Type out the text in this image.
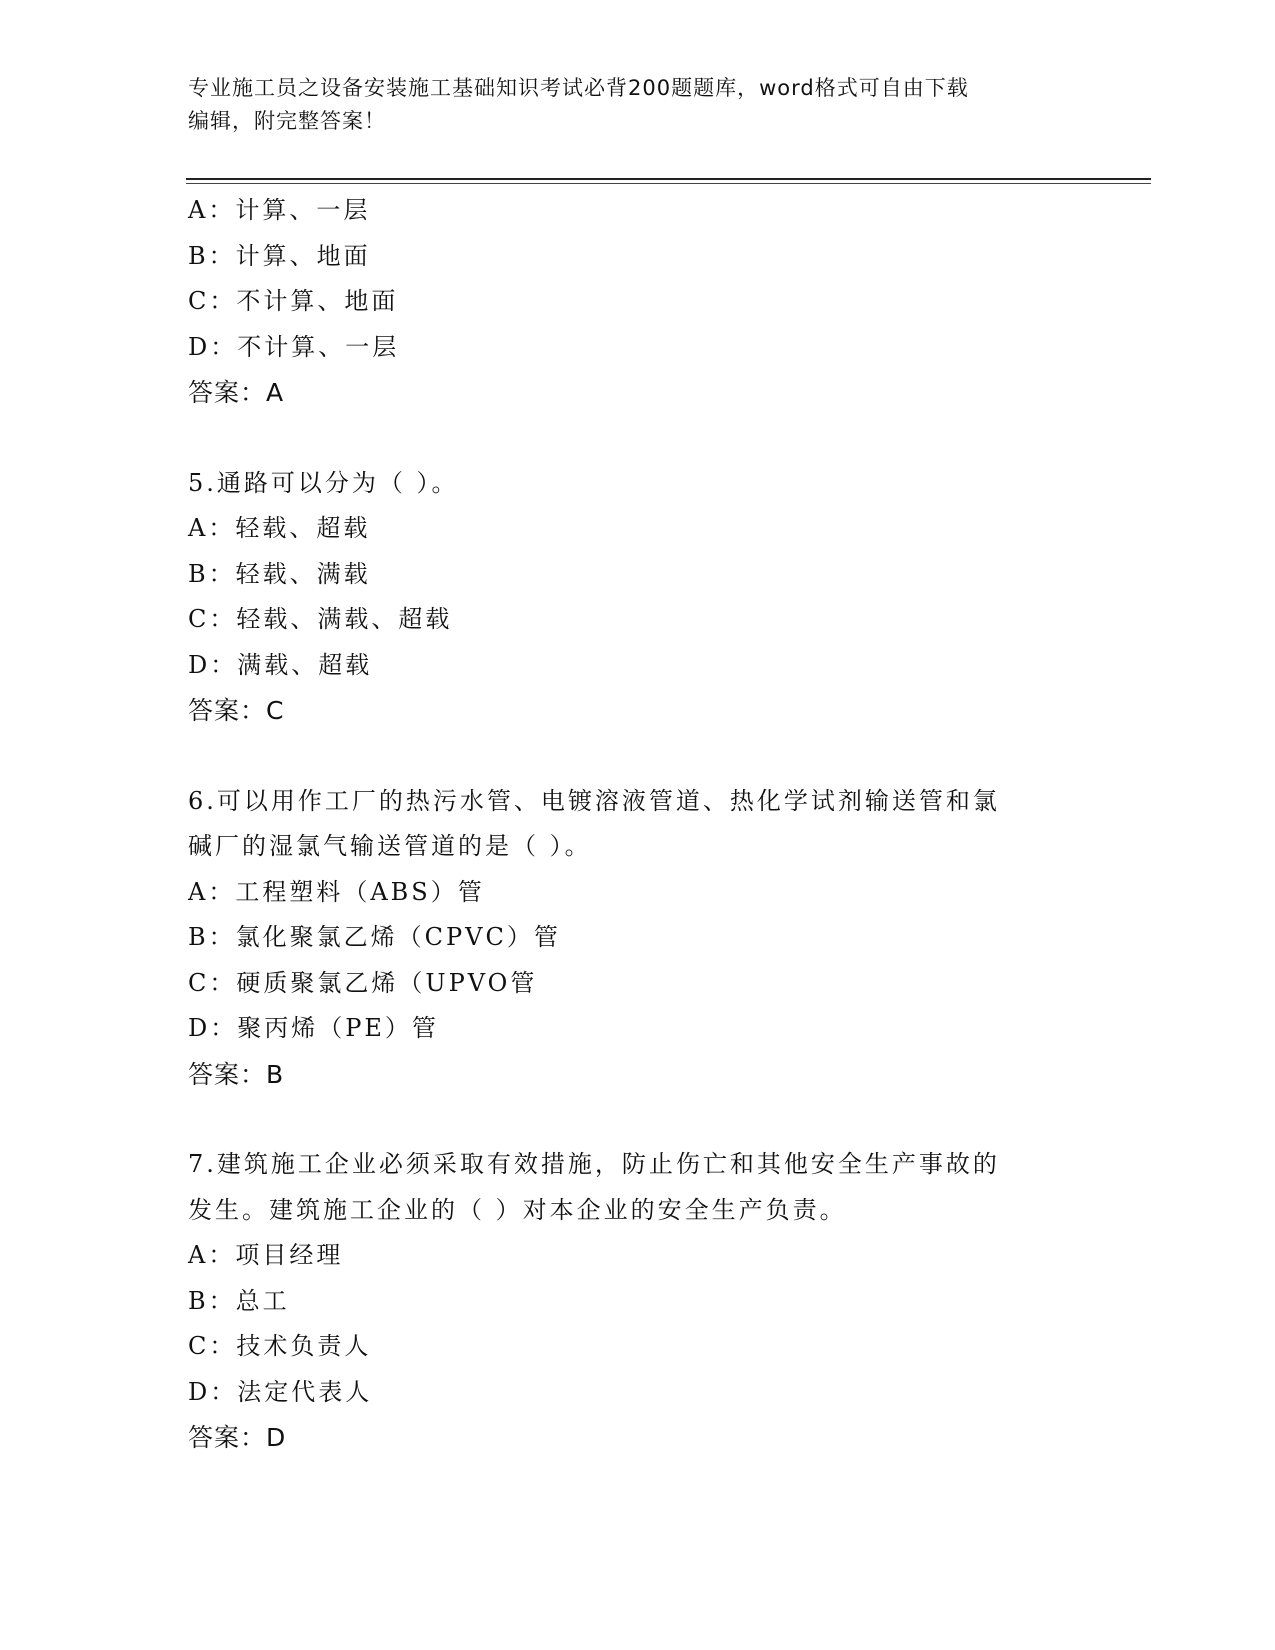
专业施工员之设备安装施工基础知识考试必背200题题库，word格式可自由下载
编辑，附完整答案！
A：计算、一层
B：计算、地面
C：不计算、地面
D：不计算、一层
答案：A
5.通路可以分为（ ）。
A：轻载、超载
B：轻载、满载
C：轻载、满载、超载
D：满载、超载
答案：C
6.可以用作工厂的热污水管、电镀溶液管道、热化学试剂输送管和氯
碱厂的湿氯气输送管道的是（ ）。
A：工程塑料（ABS）管
B：氯化聚氯乙烯（CPVC）管
C：硬质聚氯乙烯（UPVO管
D：聚丙烯（PE）管
答案：B
7.建筑施工企业必须采取有效措施，防止伤亡和其他安全生产事故的
发生。建筑施工企业的（ ）对本企业的安全生产负责。
A：项目经理
B：总工
C：技术负责人
D：法定代表人
答案：D
